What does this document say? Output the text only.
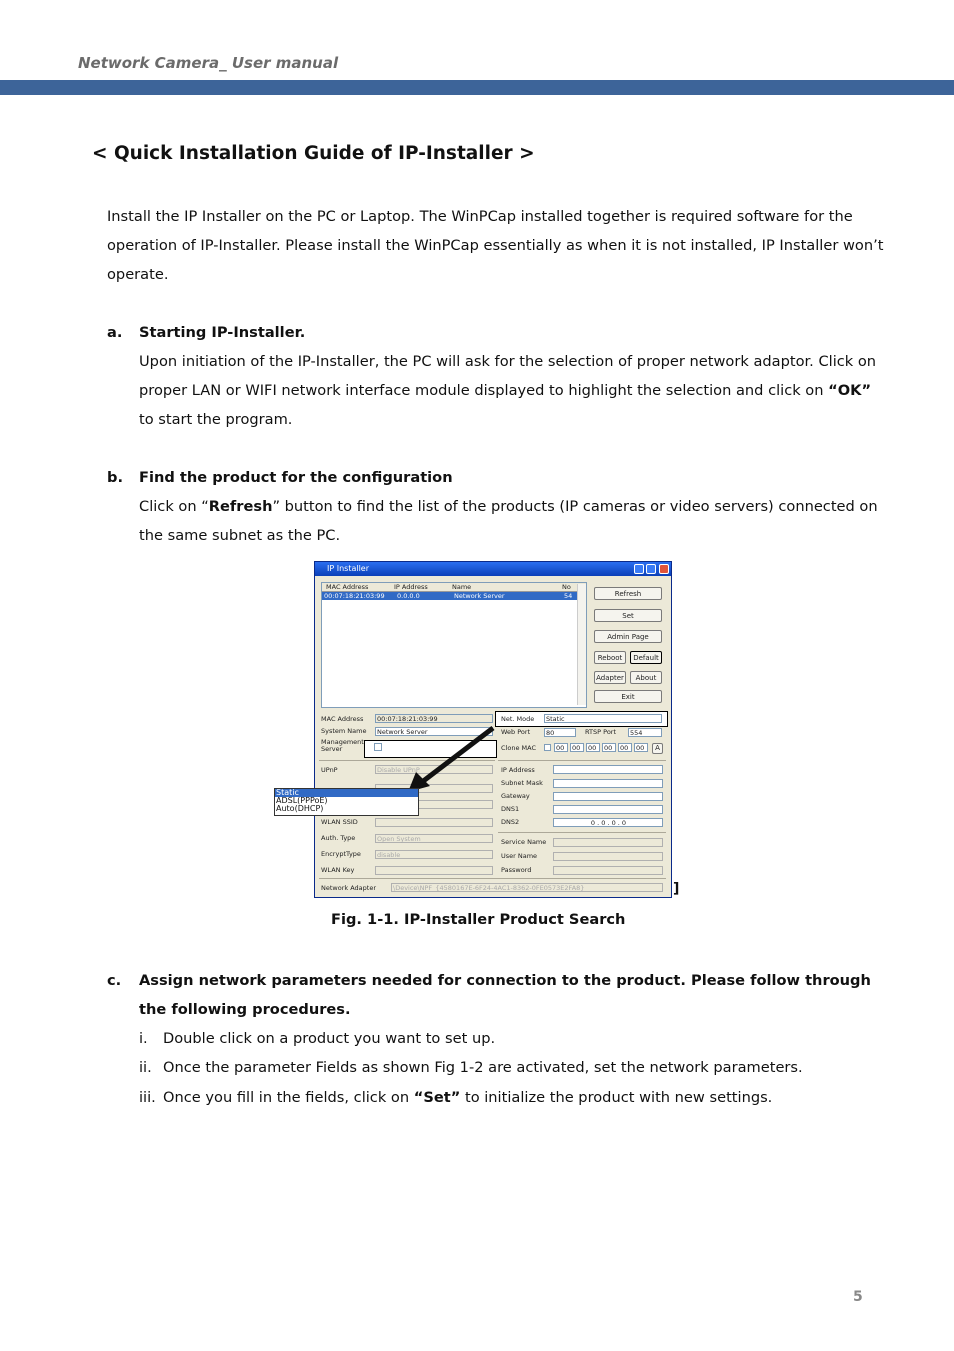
Network Camera_ User manual
< Quick Installation Guide of IP-Installer >
Install the IP Installer on the PC or Laptop. The WinPCap installed together is required software for the
operation of IP-Installer. Please install the WinPCap essentially as when it is not installed, IP Installer won’t
operate.
a. Starting IP-Installer.
Upon initiation of the IP-Installer, the PC will ask for the selection of proper network adaptor. Click on
proper LAN or WIFI network interface module displayed to highlight the selection and click on “OK”
to start the program.
b. Find the product for the configuration
Click on “Refresh” button to find the list of the products (IP cameras or video servers) connected on
the same subnet as the PC.
IP Installer
MAC Address	IP Address	Name	No
00:07:18:21:03:99 0.0.0.0	Network Server	54	Refresh
Set
Admin Page
Reboot	Default
Adapter	About
Exit
MAC Address	00:07:18:21:03:99
System Name	Network Server
Management
Server
UPnP	Disable UPnP
WLAN SSID
Auth. Type	Open System
EncryptType	disable
WLAN Key
Net. Mode	Static
Web Port	80	RTSP Port	554
Clone MAC	00	00	00	00	00	00	A
IP Address
Subnet Mask
Gateway
DNS1
DNS2	0 . 0 . 0 . 0
Service Name
User Name
Password
Network Adapter	\Device\NPF_{4580167E-6F24-4AC1-8362-0FE0573E2FA8}
Static
ADSL(PPPoE)
Auto(DHCP)
]
Fig. 1-1. IP-Installer Product Search
c. Assign network parameters needed for connection to the product. Please follow through
the following procedures.
i. Double click on a product you want to set up.
ii. Once the parameter Fields as shown Fig 1-2 are activated, set the network parameters.
iii. Once you fill in the fields, click on “Set” to initialize the product with new settings.
5
